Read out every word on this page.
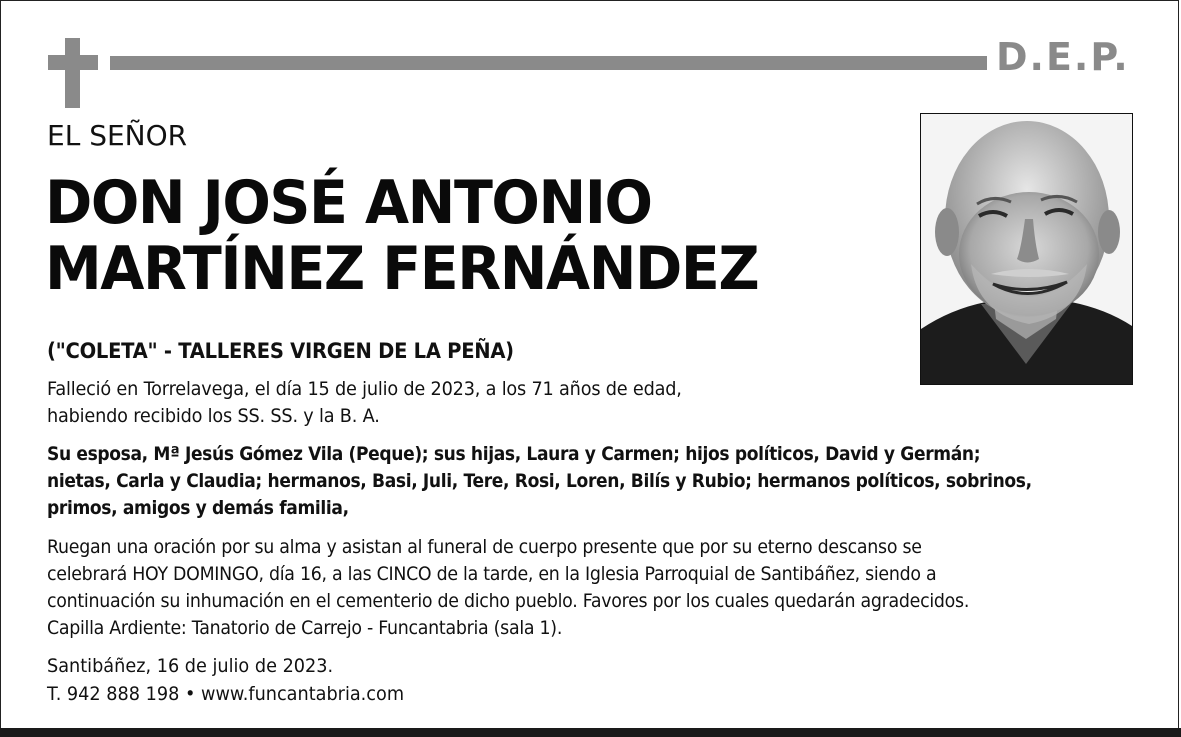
D.E.P.
EL SEÑOR
DON JOSÉ ANTONIO
MARTÍNEZ FERNÁNDEZ
("COLETA" - TALLERES VIRGEN DE LA PEÑA)
Falleció en Torrelavega, el día 15 de julio de 2023, a los 71 años de edad,
habiendo recibido los SS. SS. y la B. A.
Su esposa, Mª Jesús Gómez Vila (Peque); sus hijas, Laura y Carmen; hijos políticos, David y Germán;
nietas, Carla y Claudia; hermanos, Basi, Juli, Tere, Rosi, Loren, Bilís y Rubio; hermanos políticos, sobrinos,
primos, amigos y demás familia,
Ruegan una oración por su alma y asistan al funeral de cuerpo presente que por su eterno descanso se
celebrará HOY DOMINGO, día 16, a las CINCO de la tarde, en la Iglesia Parroquial de Santibáñez, siendo a
continuación su inhumación en el cementerio de dicho pueblo. Favores por los cuales quedarán agradecidos.
Capilla Ardiente: Tanatorio de Carrejo - Funcantabria (sala 1).
Santibáñez, 16 de julio de 2023.
T. 942 888 198 • www.funcantabria.com
